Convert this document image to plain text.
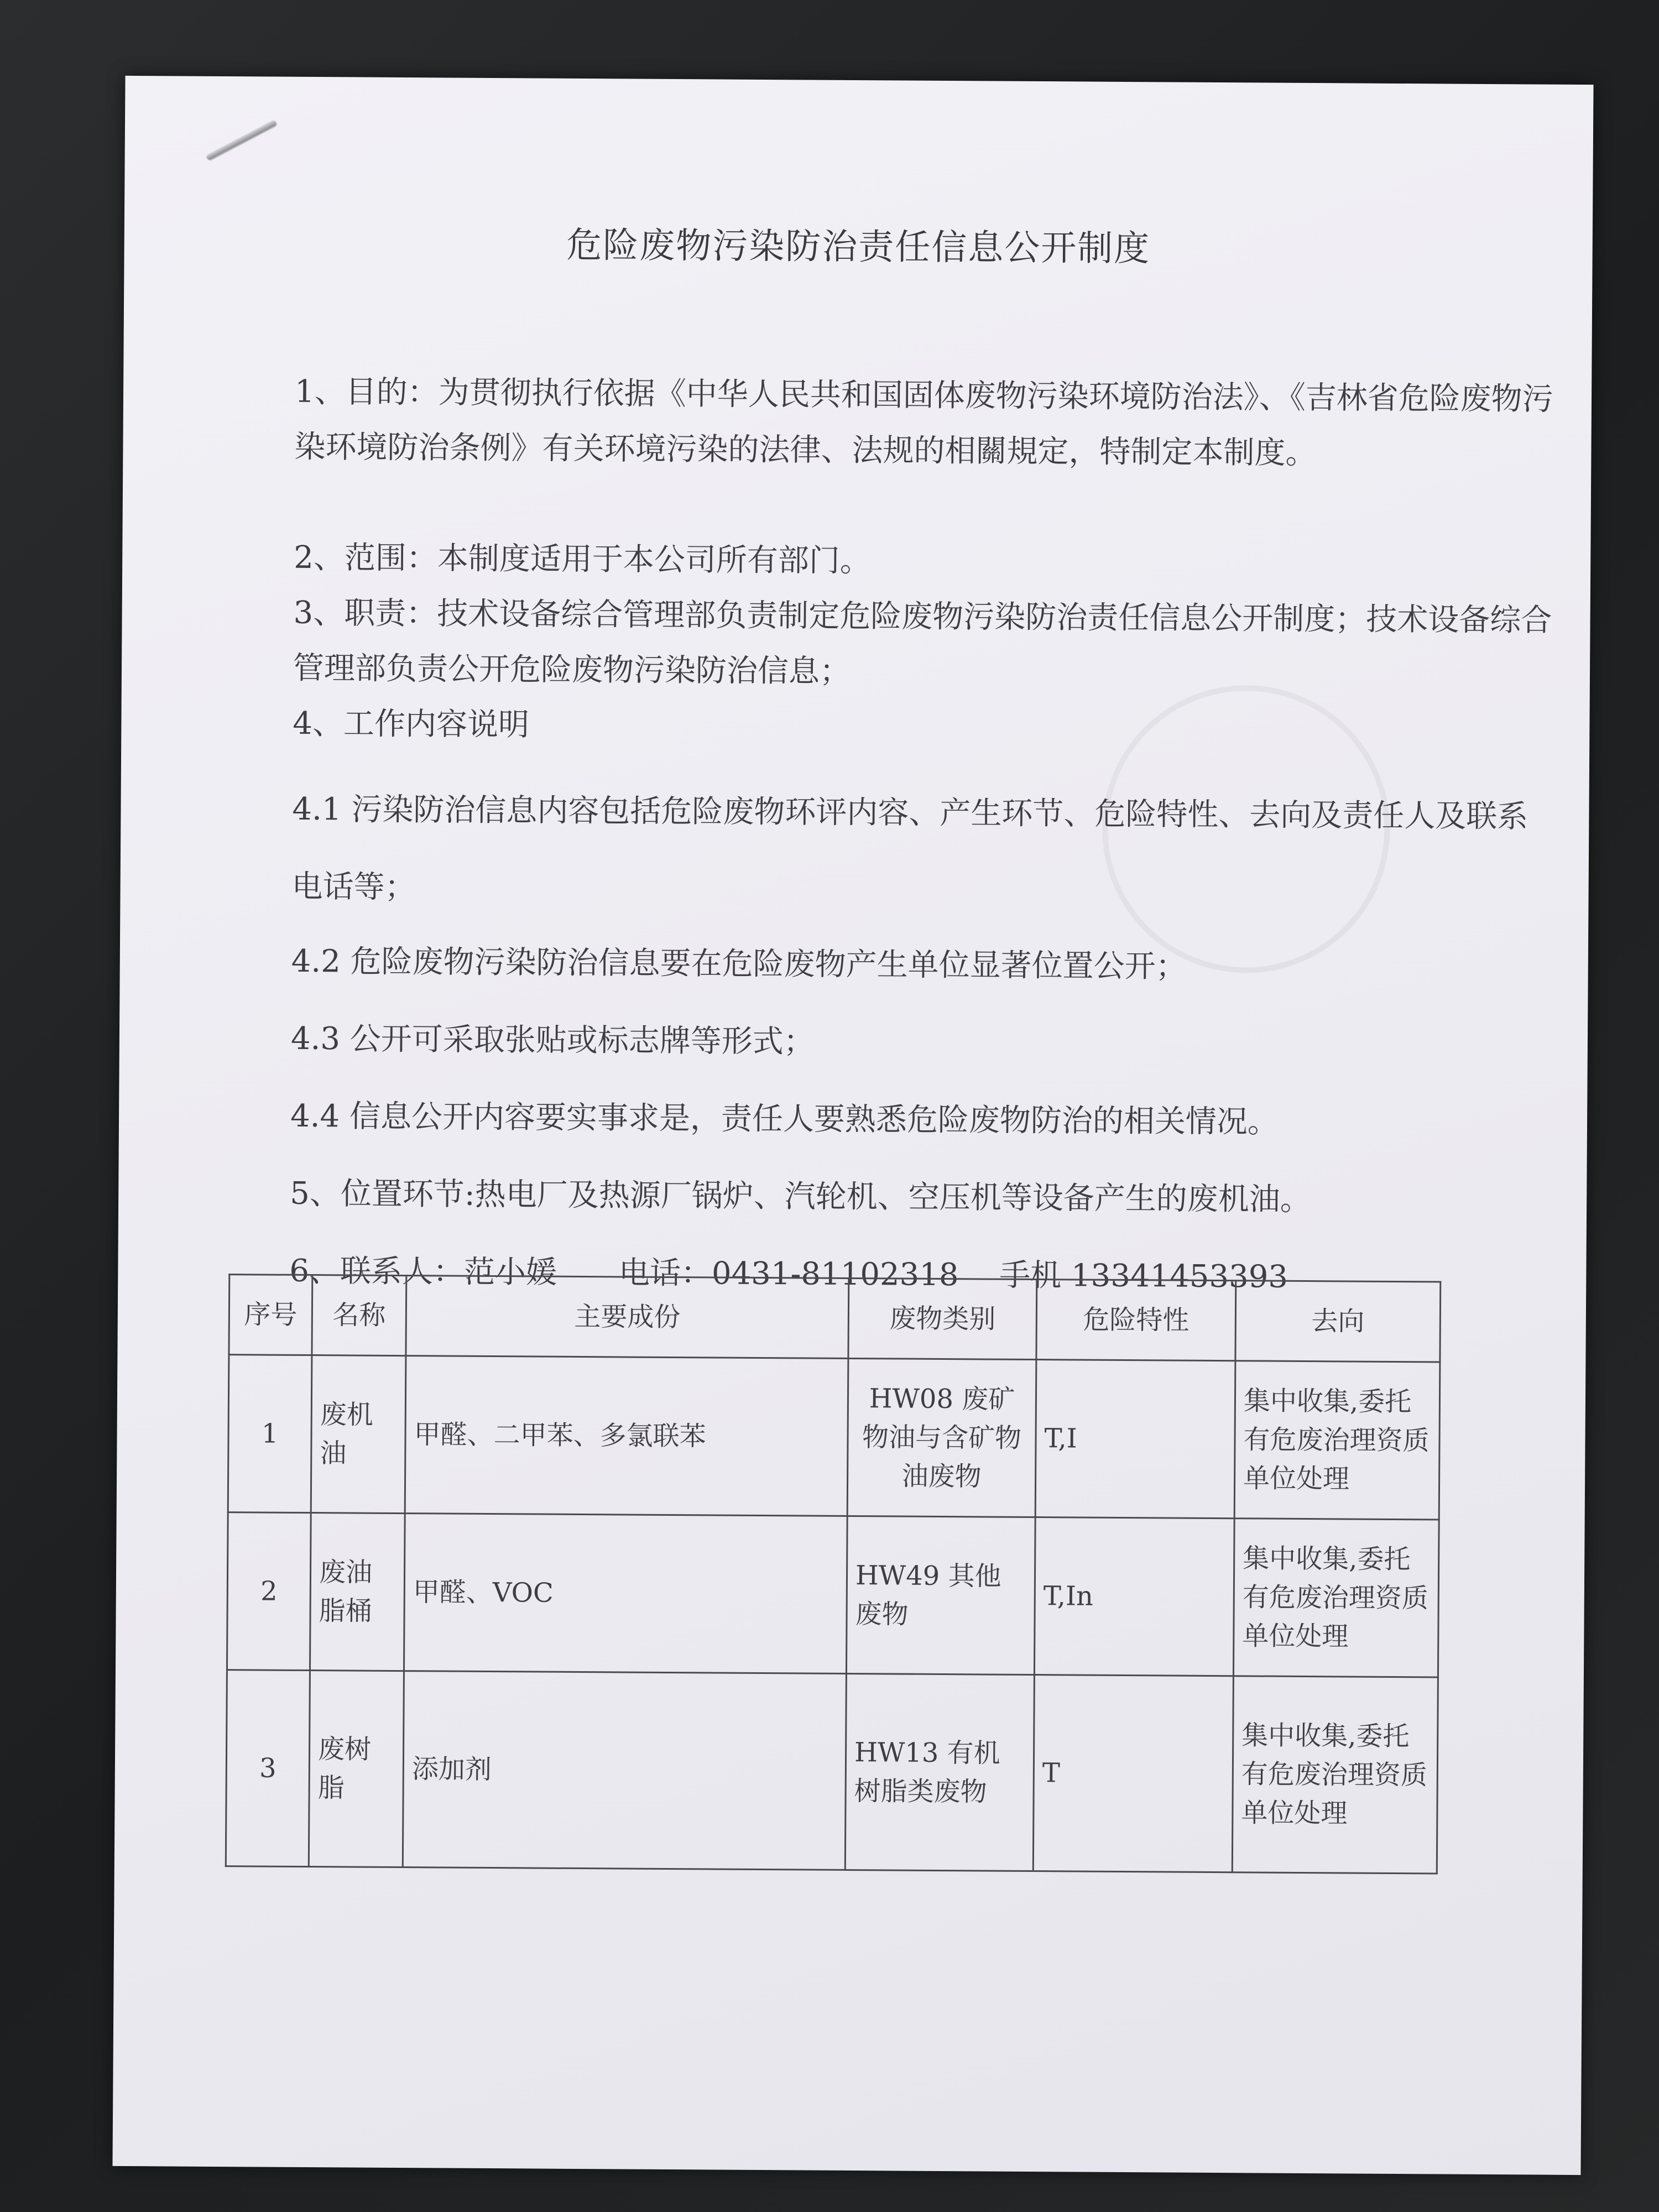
危险废物污染防治责任信息公开制度
1、目的：为贯彻执行依据《中华人民共和国固体废物污染环境防治法》、《吉林省危险废物污染环境防治条例》有关环境污染的法律、法规的相關規定，特制定本制度。
2、范围：本制度适用于本公司所有部门。
3、职责：技术设备综合管理部负责制定危险废物污染防治责任信息公开制度；技术设备综合管理部负责公开危险废物污染防治信息；
4、工作内容说明
4.1 污染防治信息内容包括危险废物环评内容、产生环节、危险特性、去向及责任人及联系电话等；
4.2 危险废物污染防治信息要在危险废物产生单位显著位置公开；
4.3 公开可采取张贴或标志牌等形式；
4.4 信息公开内容要实事求是，责任人要熟悉危险废物防治的相关情况。
5、位置环节:热电厂及热源厂锅炉、汽轮机、空压机等设备产生的废机油。
6、联系人：范小媛　　电话：0431-81102318　 手机 13341453393
序号	名称	主要成份	废物类别	危险特性	去向
1	废机油	甲醛、二甲苯、多氯联苯	HW08 废矿物油与含矿物油废物	T,I	集中收集,委托有危废治理资质单位处理
2	废油脂桶	甲醛、VOC	HW49 其他废物	T,In	集中收集,委托有危废治理资质单位处理
3	废树脂	添加剂	HW13 有机树脂类废物	T	集中收集,委托有危废治理资质单位处理
